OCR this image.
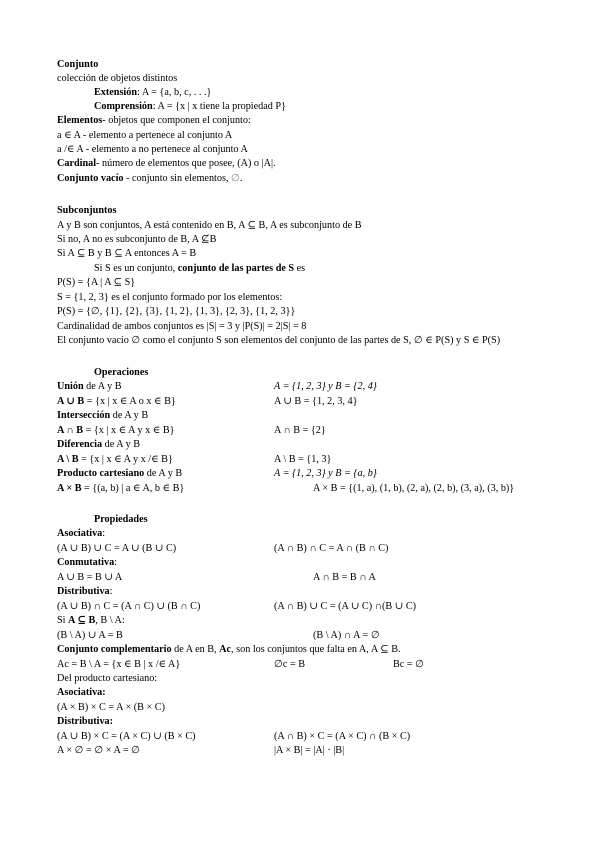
Conjunto
colección de objetos distintos
Extensión: A = {a, b, c, . . .}
Comprensión: A = {x | x tiene la propiedad P}
Elementos- objetos que componen el conjunto:
a ∈ A - elemento a pertenece al conjunto A
a /∈ A - elemento a no pertenece al conjunto A
Cardinal- número de elementos que posee, (A) o |A|.
Conjunto vacío - conjunto sin elementos, ∅.
Subconjuntos
A y B son conjuntos, A está contenido en B, A ⊆ B, A es subconjunto de B
Si no, A no es subconjunto de B, A ⊈B
Si A ⊆ B y B ⊆ A entonces A = B
Si S es un conjunto, conjunto de las partes de S es
P(S) = {A | A ⊆ S}
S = {1, 2, 3} es el conjunto formado por los elementos:
P(S) = {∅, {1}, {2}, {3}, {1, 2}, {1, 3}, {2, 3}, {1, 2, 3}}
Cardinalidad de ambos conjuntos es |S| = 3 y |P(S)| = 2|S| = 8
El conjunto vacío ∅ como el conjunto S son elementos del conjunto de las partes de S, ∅ ∈ P(S) y S ∈ P(S)
Operaciones
Unión de A y B	A = {1, 2, 3} y B = {2, 4}
A ∪ B = {x | x ∈ A o x ∈ B}	A ∪ B = {1, 2, 3, 4}
Intersección de A y B
A ∩ B = {x | x ∈ A y x ∈ B}	A ∩ B = {2}
Diferencia de A y B
A \ B = {x | x ∈ A y x /∈ B}	A \ B = {1, 3}
Producto cartesiano de A y B	A = {1, 2, 3} y B = {a, b}
A × B = {(a, b) | a ∈ A, b ∈ B}	A × B = {(1, a), (1, b), (2, a), (2, b), (3, a), (3, b)}
Propiedades
Asociativa:
(A ∪ B) ∪ C = A ∪ (B ∪ C)	(A ∩ B) ∩ C = A ∩ (B ∩ C)
Conmutativa:
A ∪ B = B ∪ A	A ∩ B = B ∩ A
Distributiva:
(A ∪ B) ∩ C = (A ∩ C) ∪ (B ∩ C)	(A ∩ B) ∪ C = (A ∪ C) ∩(B ∪ C)
Si A ⊆ B, B \ A:
(B \ A) ∪ A = B	(B \ A) ∩ A = ∅
Conjunto complementario de A en B, Ac, son los conjuntos que falta en A, A ⊆ B.
Ac = B \ A = {x ∈ B | x /∈ A}	∅c = B	Bc = ∅
Del producto cartesiano:
Asociativa:
(A × B) × C = A × (B × C)
Distributiva:
(A ∪ B) × C = (A × C) ∪ (B × C)	(A ∩ B) × C = (A × C) ∩ (B × C)
A × ∅ = ∅ × A = ∅	|A × B| = |A| · |B|
